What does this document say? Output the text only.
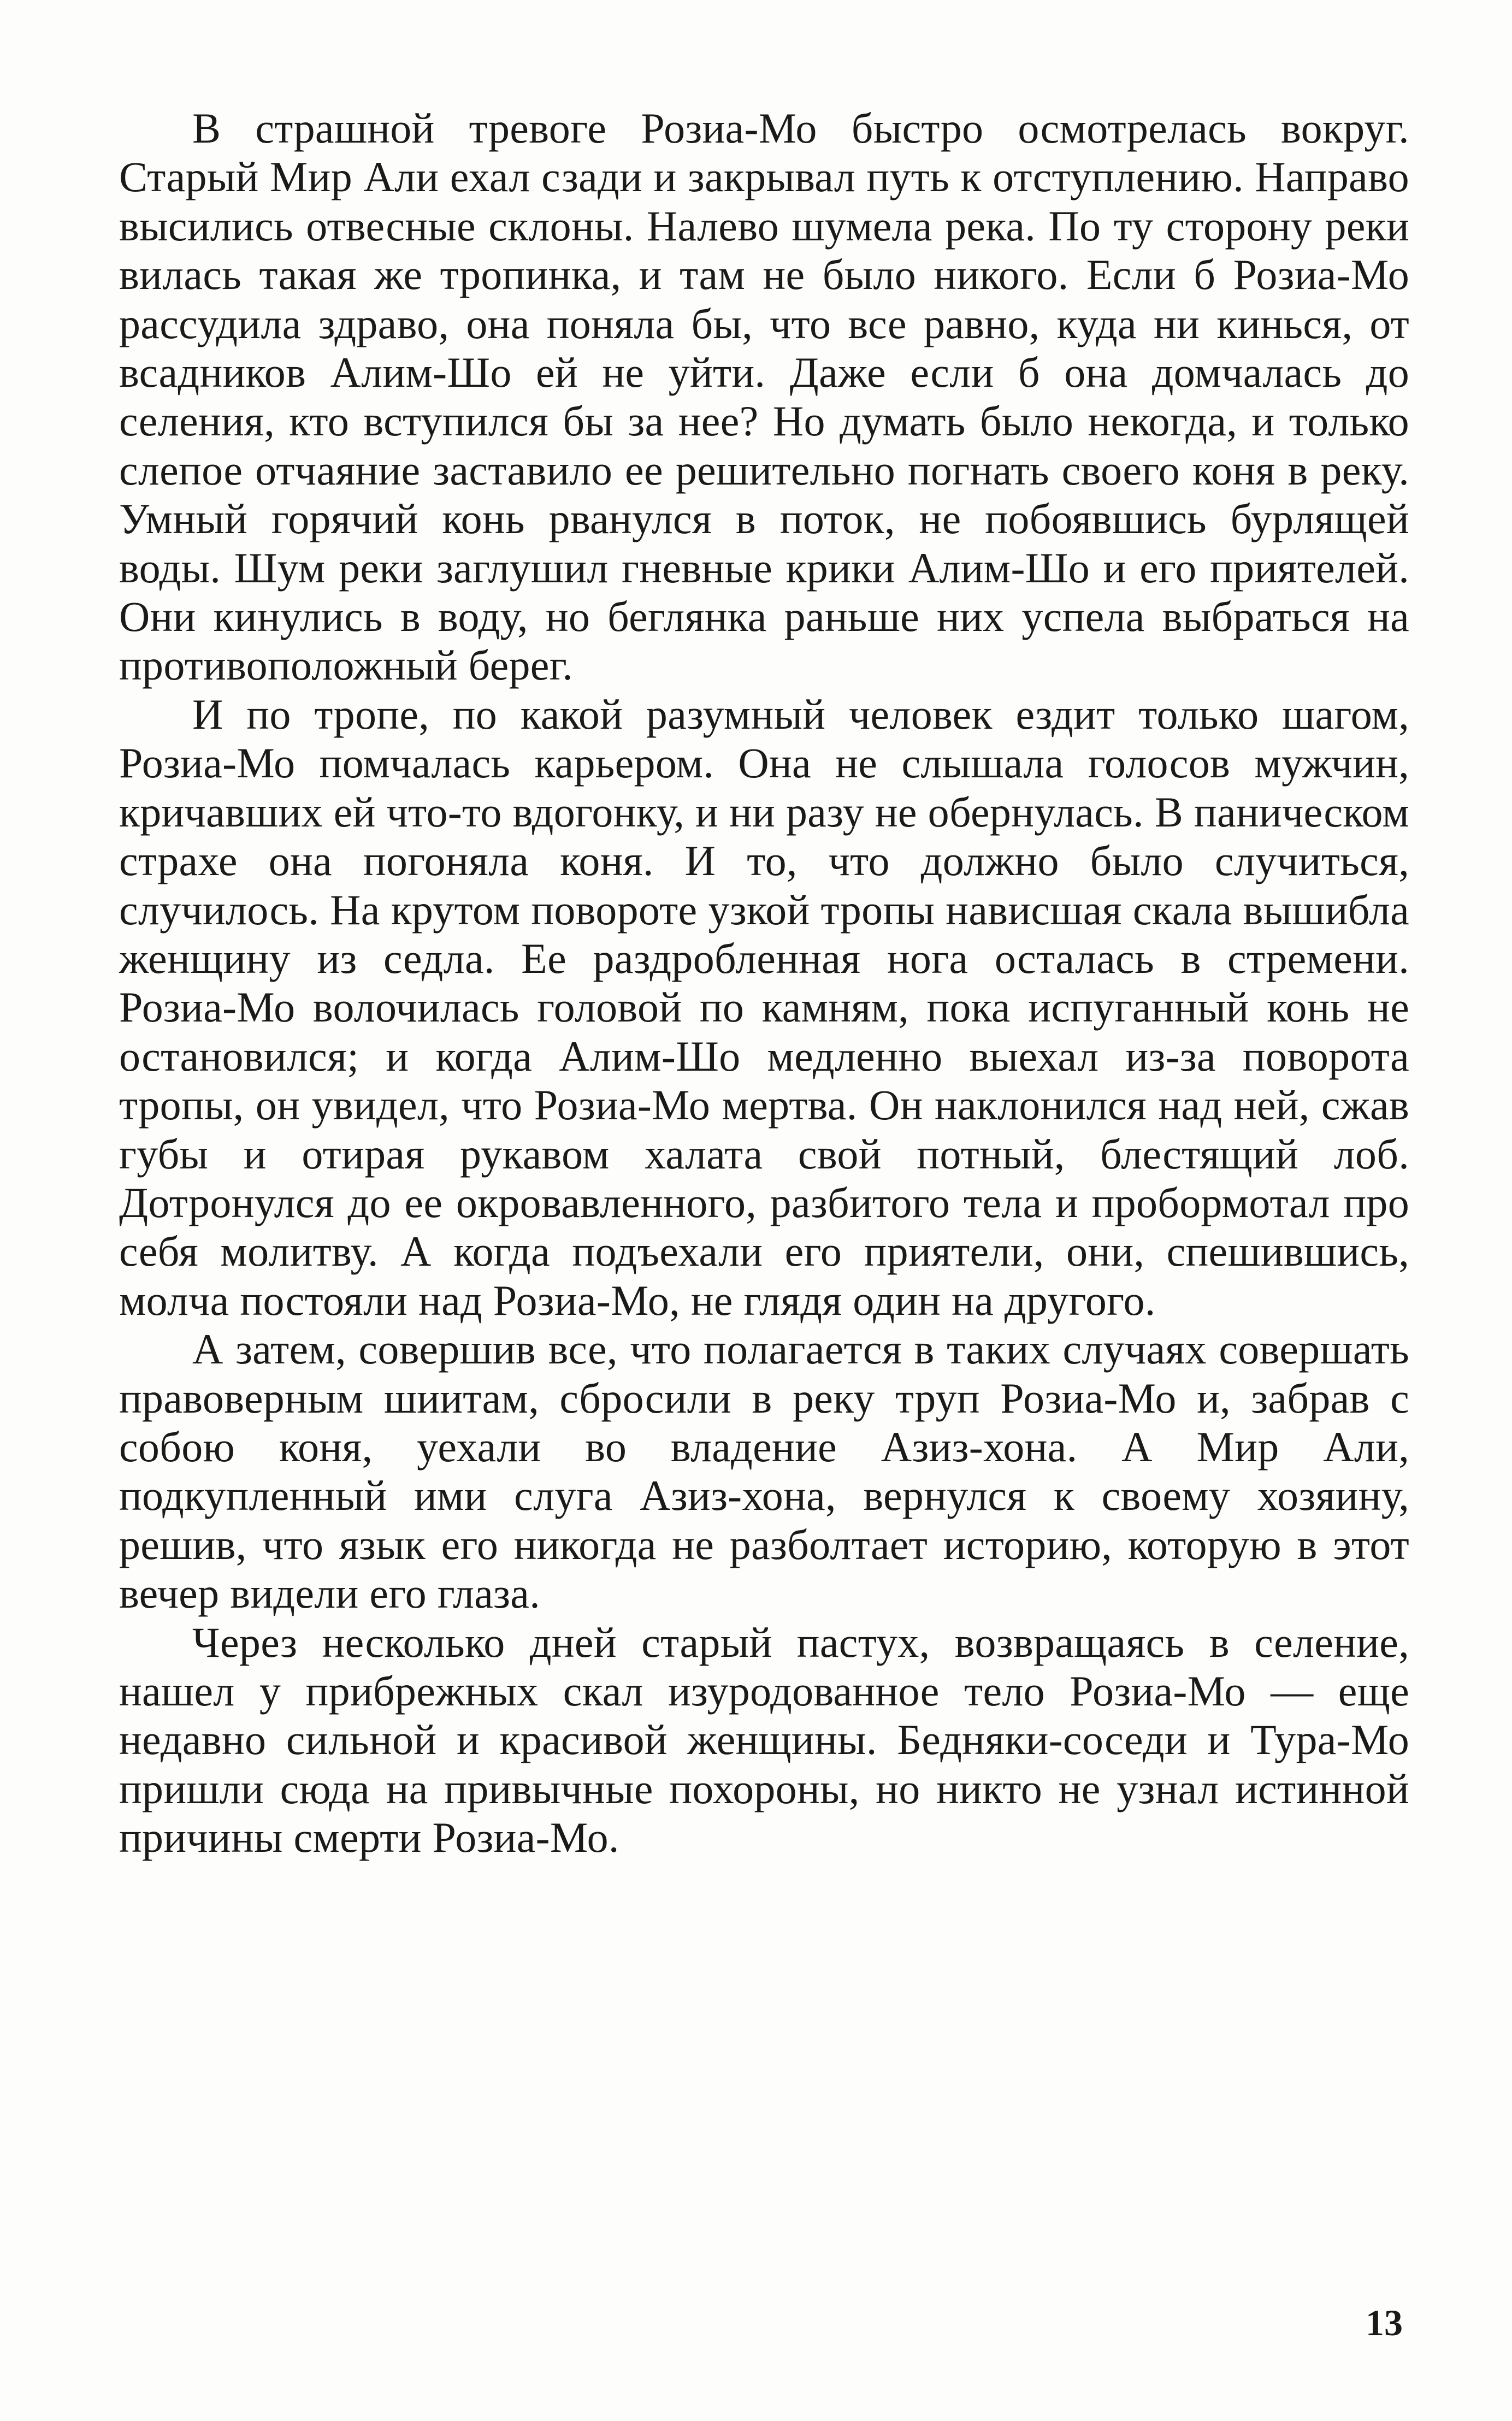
В страшной тревоге Розиа-Мо быстро осмотрелась вокруг. Старый Мир Али ехал сзади и закрывал путь к отступлению. Направо высились отвесные склоны. Налево шумела река. По ту сторону реки вилась такая же тропинка, и там не было никого. Если б Розиа-Мо рассудила здраво, она поняла бы, что все равно, куда ни кинься, от всадников Алим-Шо ей не уйти. Даже если б она домчалась до селения, кто вступился бы за нее? Но думать было некогда, и только слепое отчаяние заставило ее решительно погнать своего коня в реку. Умный горячий конь рванулся в поток, не побоявшись бурлящей воды. Шум реки заглушил гневные крики Алим-Шо и его приятелей. Они кинулись в воду, но беглянка раньше них успела выбраться на противоположный берег.

И по тропе, по какой разумный человек ездит только шагом, Розиа-Мо помчалась карьером. Она не слышала голосов мужчин, кричавших ей что-то вдогонку, и ни разу не обернулась. В паническом страхе она погоняла коня. И то, что должно было случиться, случилось. На крутом повороте узкой тропы нависшая скала вышибла женщину из седла. Ее раздробленная нога осталась в стремени. Розиа-Мо волочилась головой по камням, пока испуганный конь не остановился; и когда Алим-Шо медленно выехал из-за поворота тропы, он увидел, что Розиа-Мо мертва. Он наклонился над ней, сжав губы и отирая рукавом халата свой потный, блестящий лоб. Дотронулся до ее окровавленного, разбитого тела и пробормотал про себя молитву. А когда подъехали его приятели, они, спешившись, молча постояли над Розиа-Мо, не глядя один на другого.

А затем, совершив все, что полагается в таких случаях совершать правоверным шиитам, сбросили в реку труп Розиа-Мо и, забрав с собою коня, уехали во владение Азиз-хона. А Мир Али, подкупленный ими слуга Азиз-хона, вернулся к своему хозяину, решив, что язык его никогда не разболтает историю, которую в этот вечер видели его глаза.

Через несколько дней старый пастух, возвращаясь в селение, нашел у прибрежных скал изуродованное тело Розиа-Мо — еще недавно сильной и красивой женщины. Бедняки-соседи и Тура-Мо пришли сюда на привычные похороны, но никто не узнал истинной причины смерти Розиа-Мо.

13
